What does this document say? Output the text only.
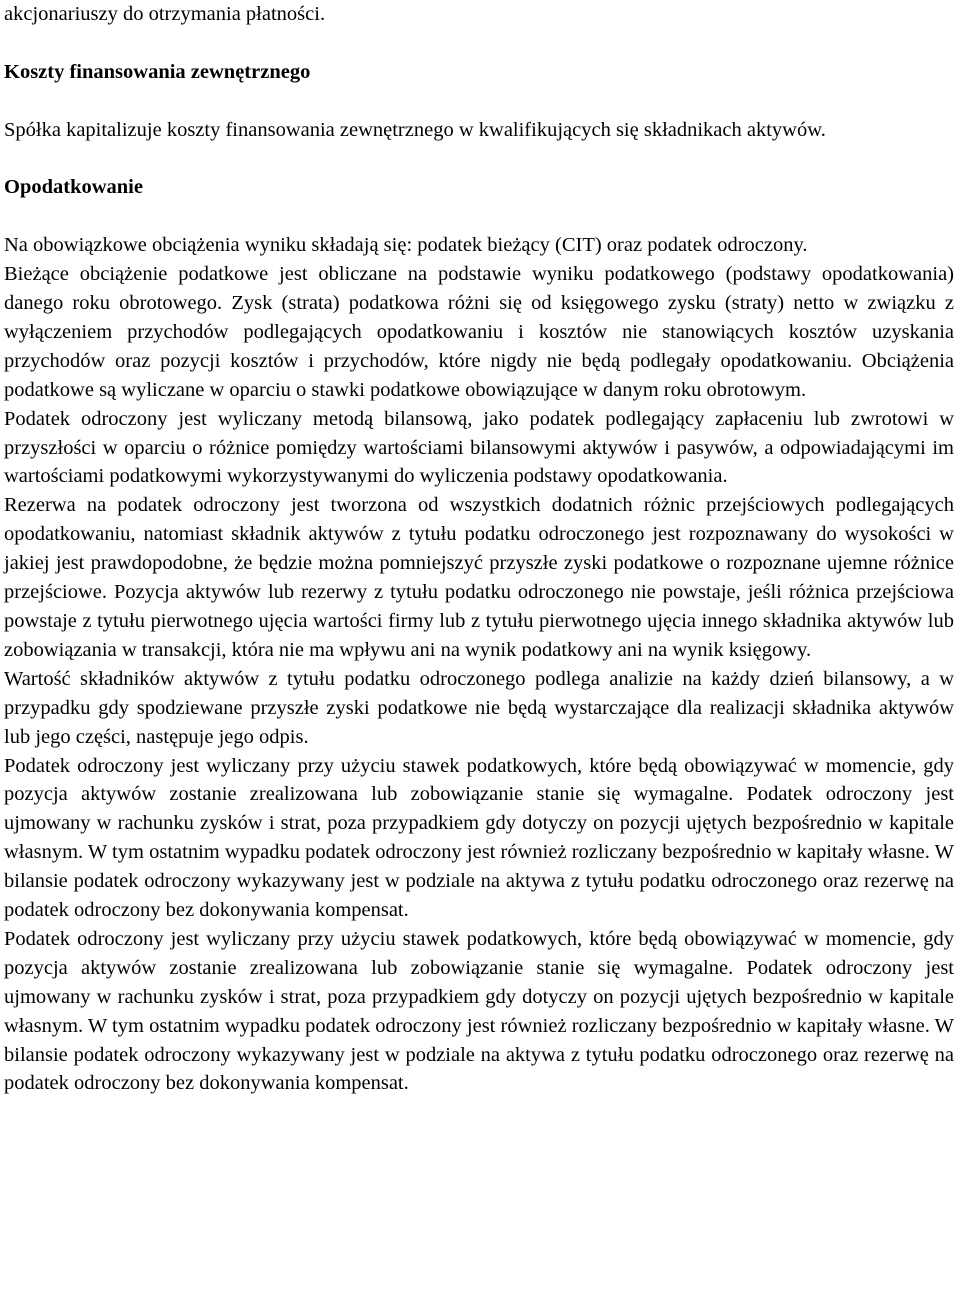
akcjonariuszy do otrzymania płatności.

Koszty finansowania zewnętrznego

Spółka kapitalizuje koszty finansowania zewnętrznego w kwalifikujących się składnikach aktywów.

Opodatkowanie

Na obowiązkowe obciążenia wyniku składają się: podatek bieżący (CIT) oraz podatek odroczony.

Bieżące obciążenie podatkowe jest obliczane na podstawie wyniku podatkowego (podstawy opodatkowania) danego roku obrotowego. Zysk (strata) podatkowa różni się od księgowego zysku (straty) netto w związku z wyłączeniem przychodów podlegających opodatkowaniu i kosztów nie stanowiących kosztów uzyskania przychodów oraz pozycji kosztów i przychodów, które nigdy nie będą podlegały opodatkowaniu. Obciążenia podatkowe są wyliczane w oparciu o stawki podatkowe obowiązujące w danym roku obrotowym.

Podatek odroczony jest wyliczany metodą bilansową, jako podatek podlegający zapłaceniu lub zwrotowi w przyszłości w oparciu o różnice pomiędzy wartościami bilansowymi aktywów i pasywów, a odpowiadającymi im wartościami podatkowymi wykorzystywanymi do wyliczenia podstawy opodatkowania.

Rezerwa na podatek odroczony jest tworzona od wszystkich dodatnich różnic przejściowych podlegających opodatkowaniu, natomiast składnik aktywów z tytułu podatku odroczonego jest rozpoznawany do wysokości w jakiej jest prawdopodobne, że będzie można pomniejszyć przyszłe zyski podatkowe o rozpoznane ujemne różnice przejściowe. Pozycja aktywów lub rezerwy z tytułu podatku odroczonego nie powstaje, jeśli różnica przejściowa powstaje z tytułu pierwotnego ujęcia wartości firmy lub z tytułu pierwotnego ujęcia innego składnika aktywów lub zobowiązania w transakcji, która nie ma wpływu ani na wynik podatkowy ani na wynik księgowy.

Wartość składników aktywów z tytułu podatku odroczonego podlega analizie na każdy dzień bilansowy, a w przypadku gdy spodziewane przyszłe zyski podatkowe nie będą wystarczające dla realizacji składnika aktywów lub jego części, następuje jego odpis.

Podatek odroczony jest wyliczany przy użyciu stawek podatkowych, które będą obowiązywać w momencie, gdy pozycja aktywów zostanie zrealizowana lub zobowiązanie stanie się wymagalne. Podatek odroczony jest ujmowany w rachunku zysków i strat, poza przypadkiem gdy dotyczy on pozycji ujętych bezpośrednio w kapitale własnym. W tym ostatnim wypadku podatek odroczony jest również rozliczany bezpośrednio w kapitały własne. W bilansie podatek odroczony wykazywany jest w podziale na aktywa z tytułu podatku odroczonego oraz rezerwę na podatek odroczony bez dokonywania kompensat.

Podatek odroczony jest wyliczany przy użyciu stawek podatkowych, które będą obowiązywać w momencie, gdy pozycja aktywów zostanie zrealizowana lub zobowiązanie stanie się wymagalne. Podatek odroczony jest ujmowany w rachunku zysków i strat, poza przypadkiem gdy dotyczy on pozycji ujętych bezpośrednio w kapitale własnym. W tym ostatnim wypadku podatek odroczony jest również rozliczany bezpośrednio w kapitały własne. W bilansie podatek odroczony wykazywany jest w podziale na aktywa z tytułu podatku odroczonego oraz rezerwę na podatek odroczony bez dokonywania kompensat.
